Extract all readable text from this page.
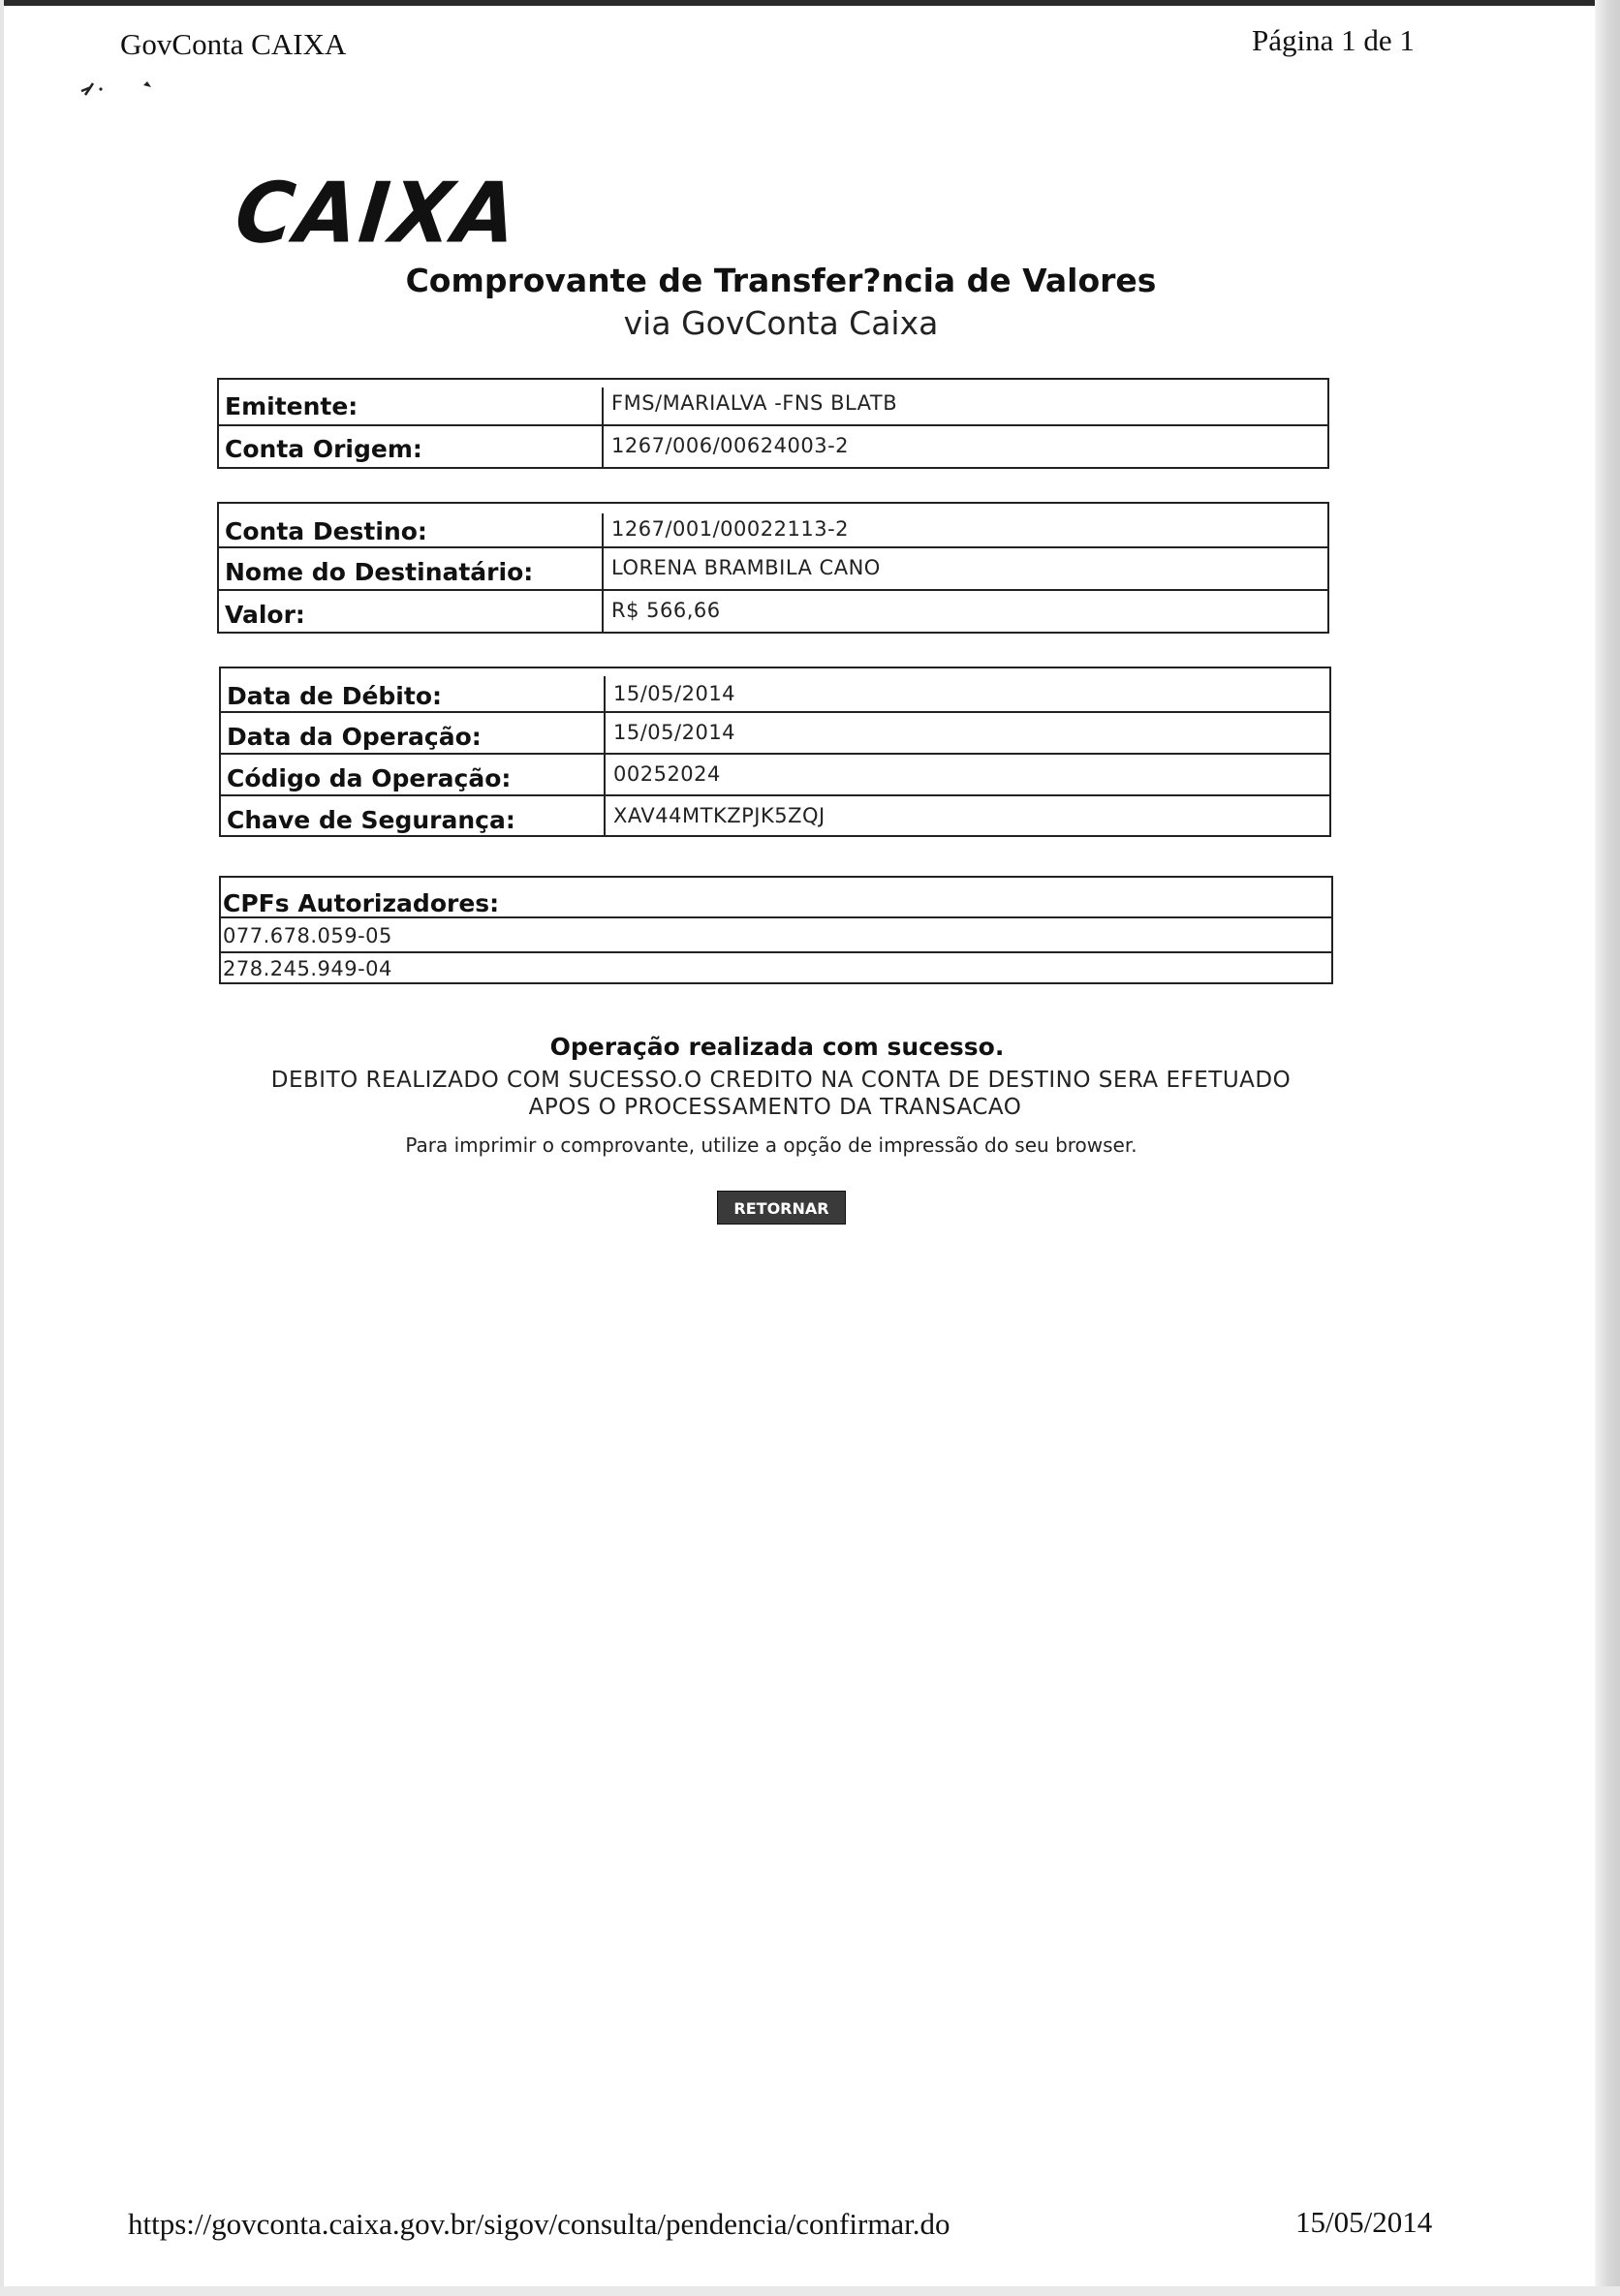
GovConta CAIXA	Página 1 de 1
CAIXA
Comprovante de Transfer?ncia de Valores
via GovConta Caixa
Emitente:	FMS/MARIALVA -FNS BLATB
Conta Origem:	1267/006/00624003-2
Conta Destino:	1267/001/00022113-2
Nome do Destinatário:	LORENA BRAMBILA CANO
Valor:	R$ 566,66
Data de Débito:	15/05/2014
Data da Operação:	15/05/2014
Código da Operação:	00252024
Chave de Segurança:	XAV44MTKZPJK5ZQJ
CPFs Autorizadores:
077.678.059-05
278.245.949-04
Operação realizada com sucesso.
DEBITO REALIZADO COM SUCESSO.O CREDITO NA CONTA DE DESTINO SERA EFETUADO
APOS O PROCESSAMENTO DA TRANSACAO
Para imprimir o comprovante, utilize a opção de impressão do seu browser.
RETORNAR
https://govconta.caixa.gov.br/sigov/consulta/pendencia/confirmar.do	15/05/2014
